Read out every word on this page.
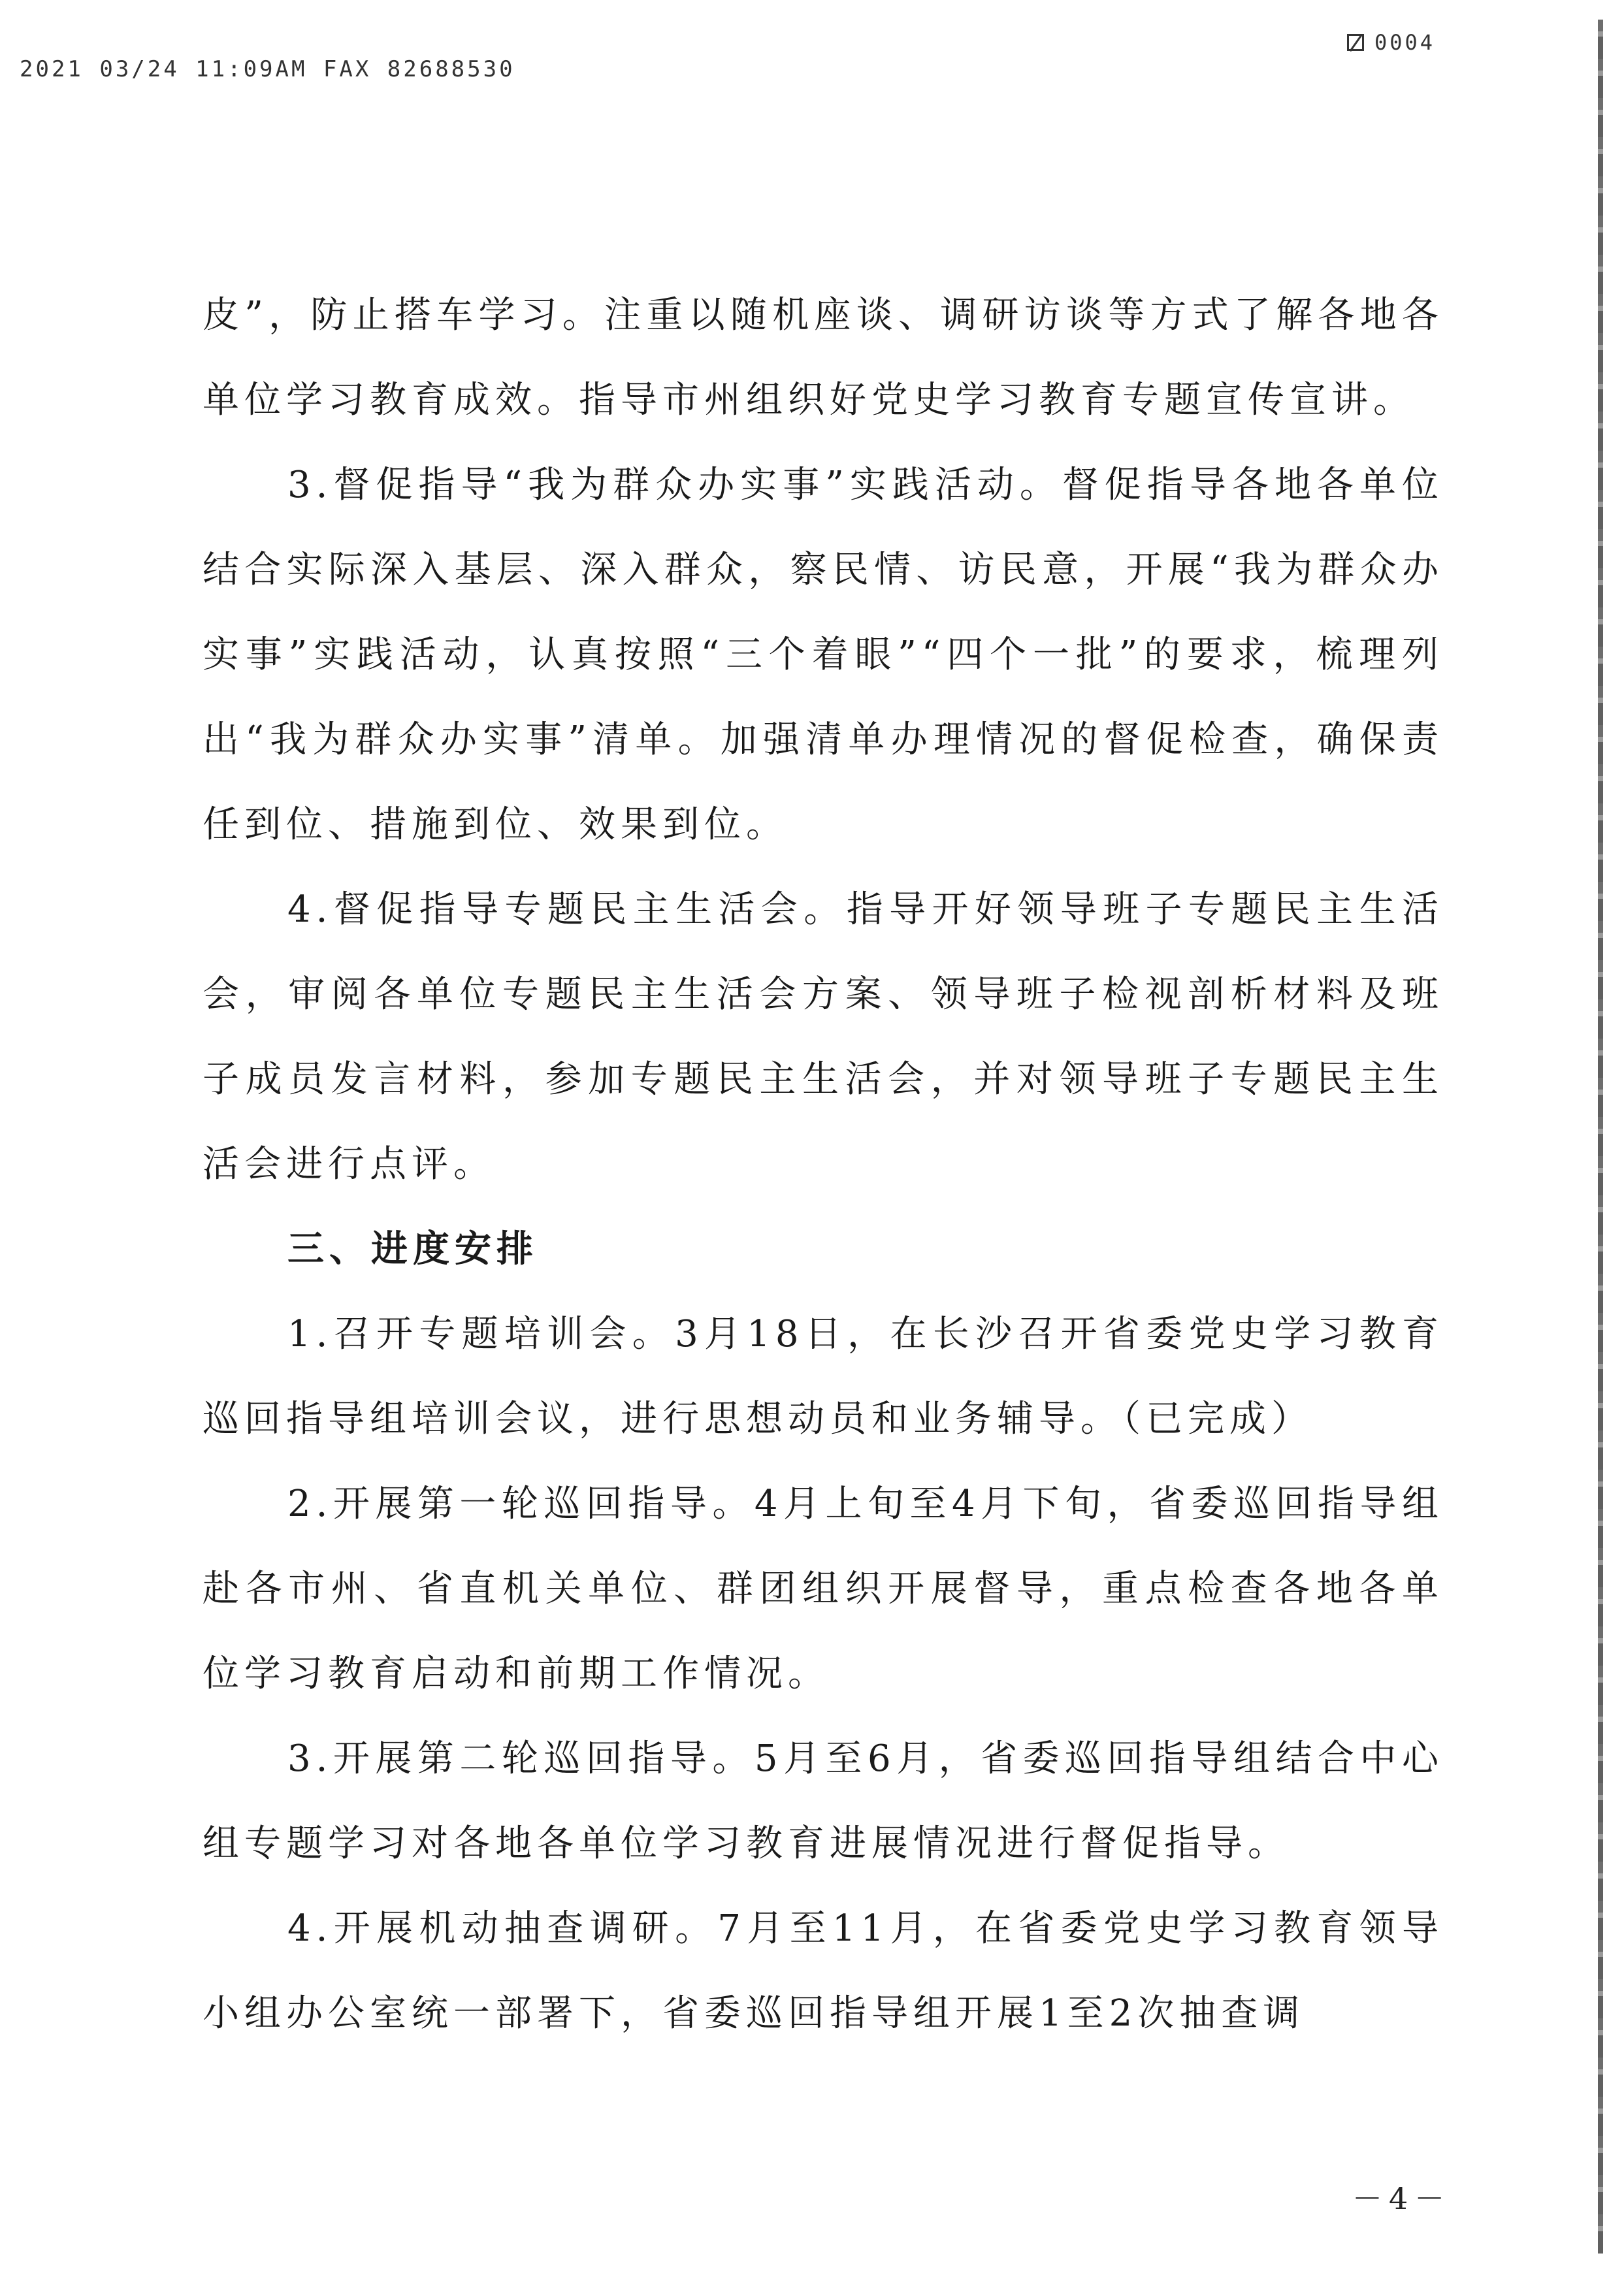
2021 03/24 11:09AM FAX 82688530
0004

皮”，防止搭车学习。注重以随机座谈、调研访谈等方式了解各地各单位学习教育成效。指导市州组织好党史学习教育专题宣传宣讲。

3.督促指导“我为群众办实事”实践活动。督促指导各地各单位结合实际深入基层、深入群众，察民情、访民意，开展“我为群众办实事”实践活动，认真按照“三个着眼”“四个一批”的要求，梳理列出“我为群众办实事”清单。加强清单办理情况的督促检查，确保责任到位、措施到位、效果到位。

4.督促指导专题民主生活会。指导开好领导班子专题民主生活会，审阅各单位专题民主生活会方案、领导班子检视剖析材料及班子成员发言材料，参加专题民主生活会，并对领导班子专题民主生活会进行点评。

三、进度安排

1.召开专题培训会。3月18日，在长沙召开省委党史学习教育巡回指导组培训会议，进行思想动员和业务辅导。（已完成）

2.开展第一轮巡回指导。4月上旬至4月下旬，省委巡回指导组赴各市州、省直机关单位、群团组织开展督导，重点检查各地各单位学习教育启动和前期工作情况。

3.开展第二轮巡回指导。5月至6月，省委巡回指导组结合中心组专题学习对各地各单位学习教育进展情况进行督促指导。

4.开展机动抽查调研。7月至11月，在省委党史学习教育领导小组办公室统一部署下，省委巡回指导组开展1至2次抽查调

－4－
